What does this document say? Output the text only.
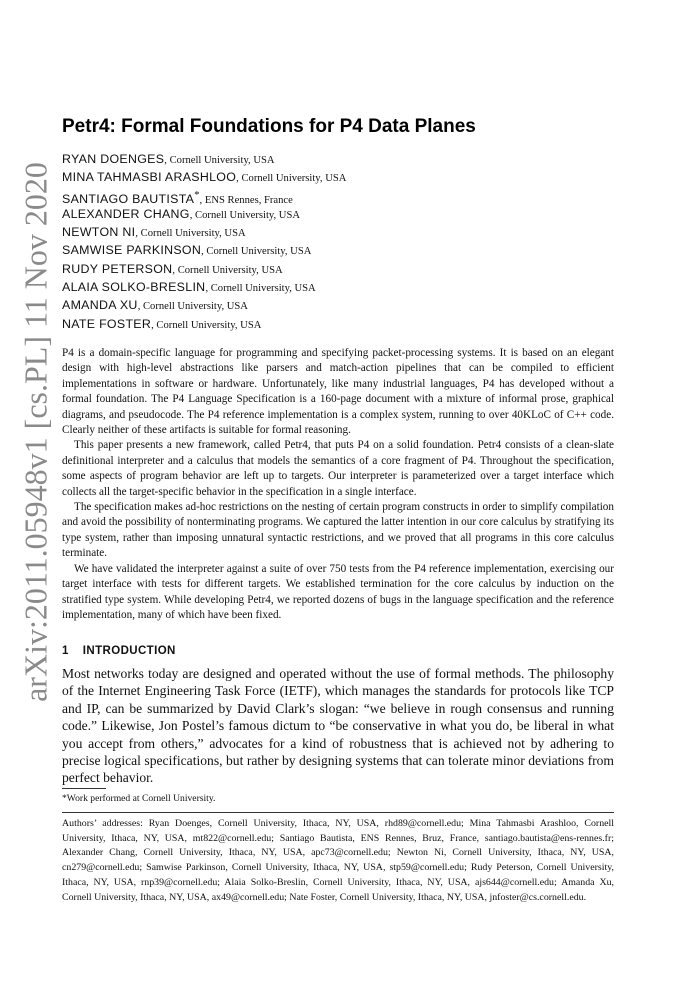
arXiv:2011.05948v1 [cs.PL] 11 Nov 2020
Petr4: Formal Foundations for P4 Data Planes
RYAN DOENGES, Cornell University, USA
MINA TAHMASBI ARASHLOO, Cornell University, USA
SANTIAGO BAUTISTA*, ENS Rennes, France
ALEXANDER CHANG, Cornell University, USA
NEWTON NI, Cornell University, USA
SAMWISE PARKINSON, Cornell University, USA
RUDY PETERSON, Cornell University, USA
ALAIA SOLKO-BRESLIN, Cornell University, USA
AMANDA XU, Cornell University, USA
NATE FOSTER, Cornell University, USA

P4 is a domain-specific language for programming and specifying packet-processing systems. It is based on an elegant design with high-level abstractions like parsers and match-action pipelines that can be compiled to efficient implementations in software or hardware. Unfortunately, like many industrial languages, P4 has developed without a formal foundation. The P4 Language Specification is a 160-page document with a mixture of informal prose, graphical diagrams, and pseudocode. The P4 reference implementation is a complex system, running to over 40KLoC of C++ code. Clearly neither of these artifacts is suitable for formal reasoning.

This paper presents a new framework, called Petr4, that puts P4 on a solid foundation. Petr4 consists of a clean-slate definitional interpreter and a calculus that models the semantics of a core fragment of P4. Throughout the specification, some aspects of program behavior are left up to targets. Our interpreter is parameterized over a target interface which collects all the target-specific behavior in the specification in a single interface.

The specification makes ad-hoc restrictions on the nesting of certain program constructs in order to simplify compilation and avoid the possibility of nonterminating programs. We captured the latter intention in our core calculus by stratifying its type system, rather than imposing unnatural syntactic restrictions, and we proved that all programs in this core calculus terminate.

We have validated the interpreter against a suite of over 750 tests from the P4 reference implementation, exercising our target interface with tests for different targets. We established termination for the core calculus by induction on the stratified type system. While developing Petr4, we reported dozens of bugs in the language specification and the reference implementation, many of which have been fixed.

1 INTRODUCTION

Most networks today are designed and operated without the use of formal methods. The philosophy of the Internet Engineering Task Force (IETF), which manages the standards for protocols like TCP and IP, can be summarized by David Clark’s slogan: “we believe in rough consensus and running code.” Likewise, Jon Postel’s famous dictum to “be conservative in what you do, be liberal in what you accept from others,” advocates for a kind of robustness that is achieved not by adhering to precise logical specifications, but rather by designing systems that can tolerate minor deviations from perfect behavior.

*Work performed at Cornell University.

Authors’ addresses: Ryan Doenges, Cornell University, Ithaca, NY, USA, rhd89@cornell.edu; Mina Tahmasbi Arashloo, Cornell University, Ithaca, NY, USA, mt822@cornell.edu; Santiago Bautista, ENS Rennes, Bruz, France, santiago.bautista@ens-rennes.fr; Alexander Chang, Cornell University, Ithaca, NY, USA, apc73@cornell.edu; Newton Ni, Cornell University, Ithaca, NY, USA, cn279@cornell.edu; Samwise Parkinson, Cornell University, Ithaca, NY, USA, stp59@cornell.edu; Rudy Peterson, Cornell University, Ithaca, NY, USA, rnp39@cornell.edu; Alaia Solko-Breslin, Cornell University, Ithaca, NY, USA, ajs644@cornell.edu; Amanda Xu, Cornell University, Ithaca, NY, USA, ax49@cornell.edu; Nate Foster, Cornell University, Ithaca, NY, USA, jnfoster@cs.cornell.edu.
